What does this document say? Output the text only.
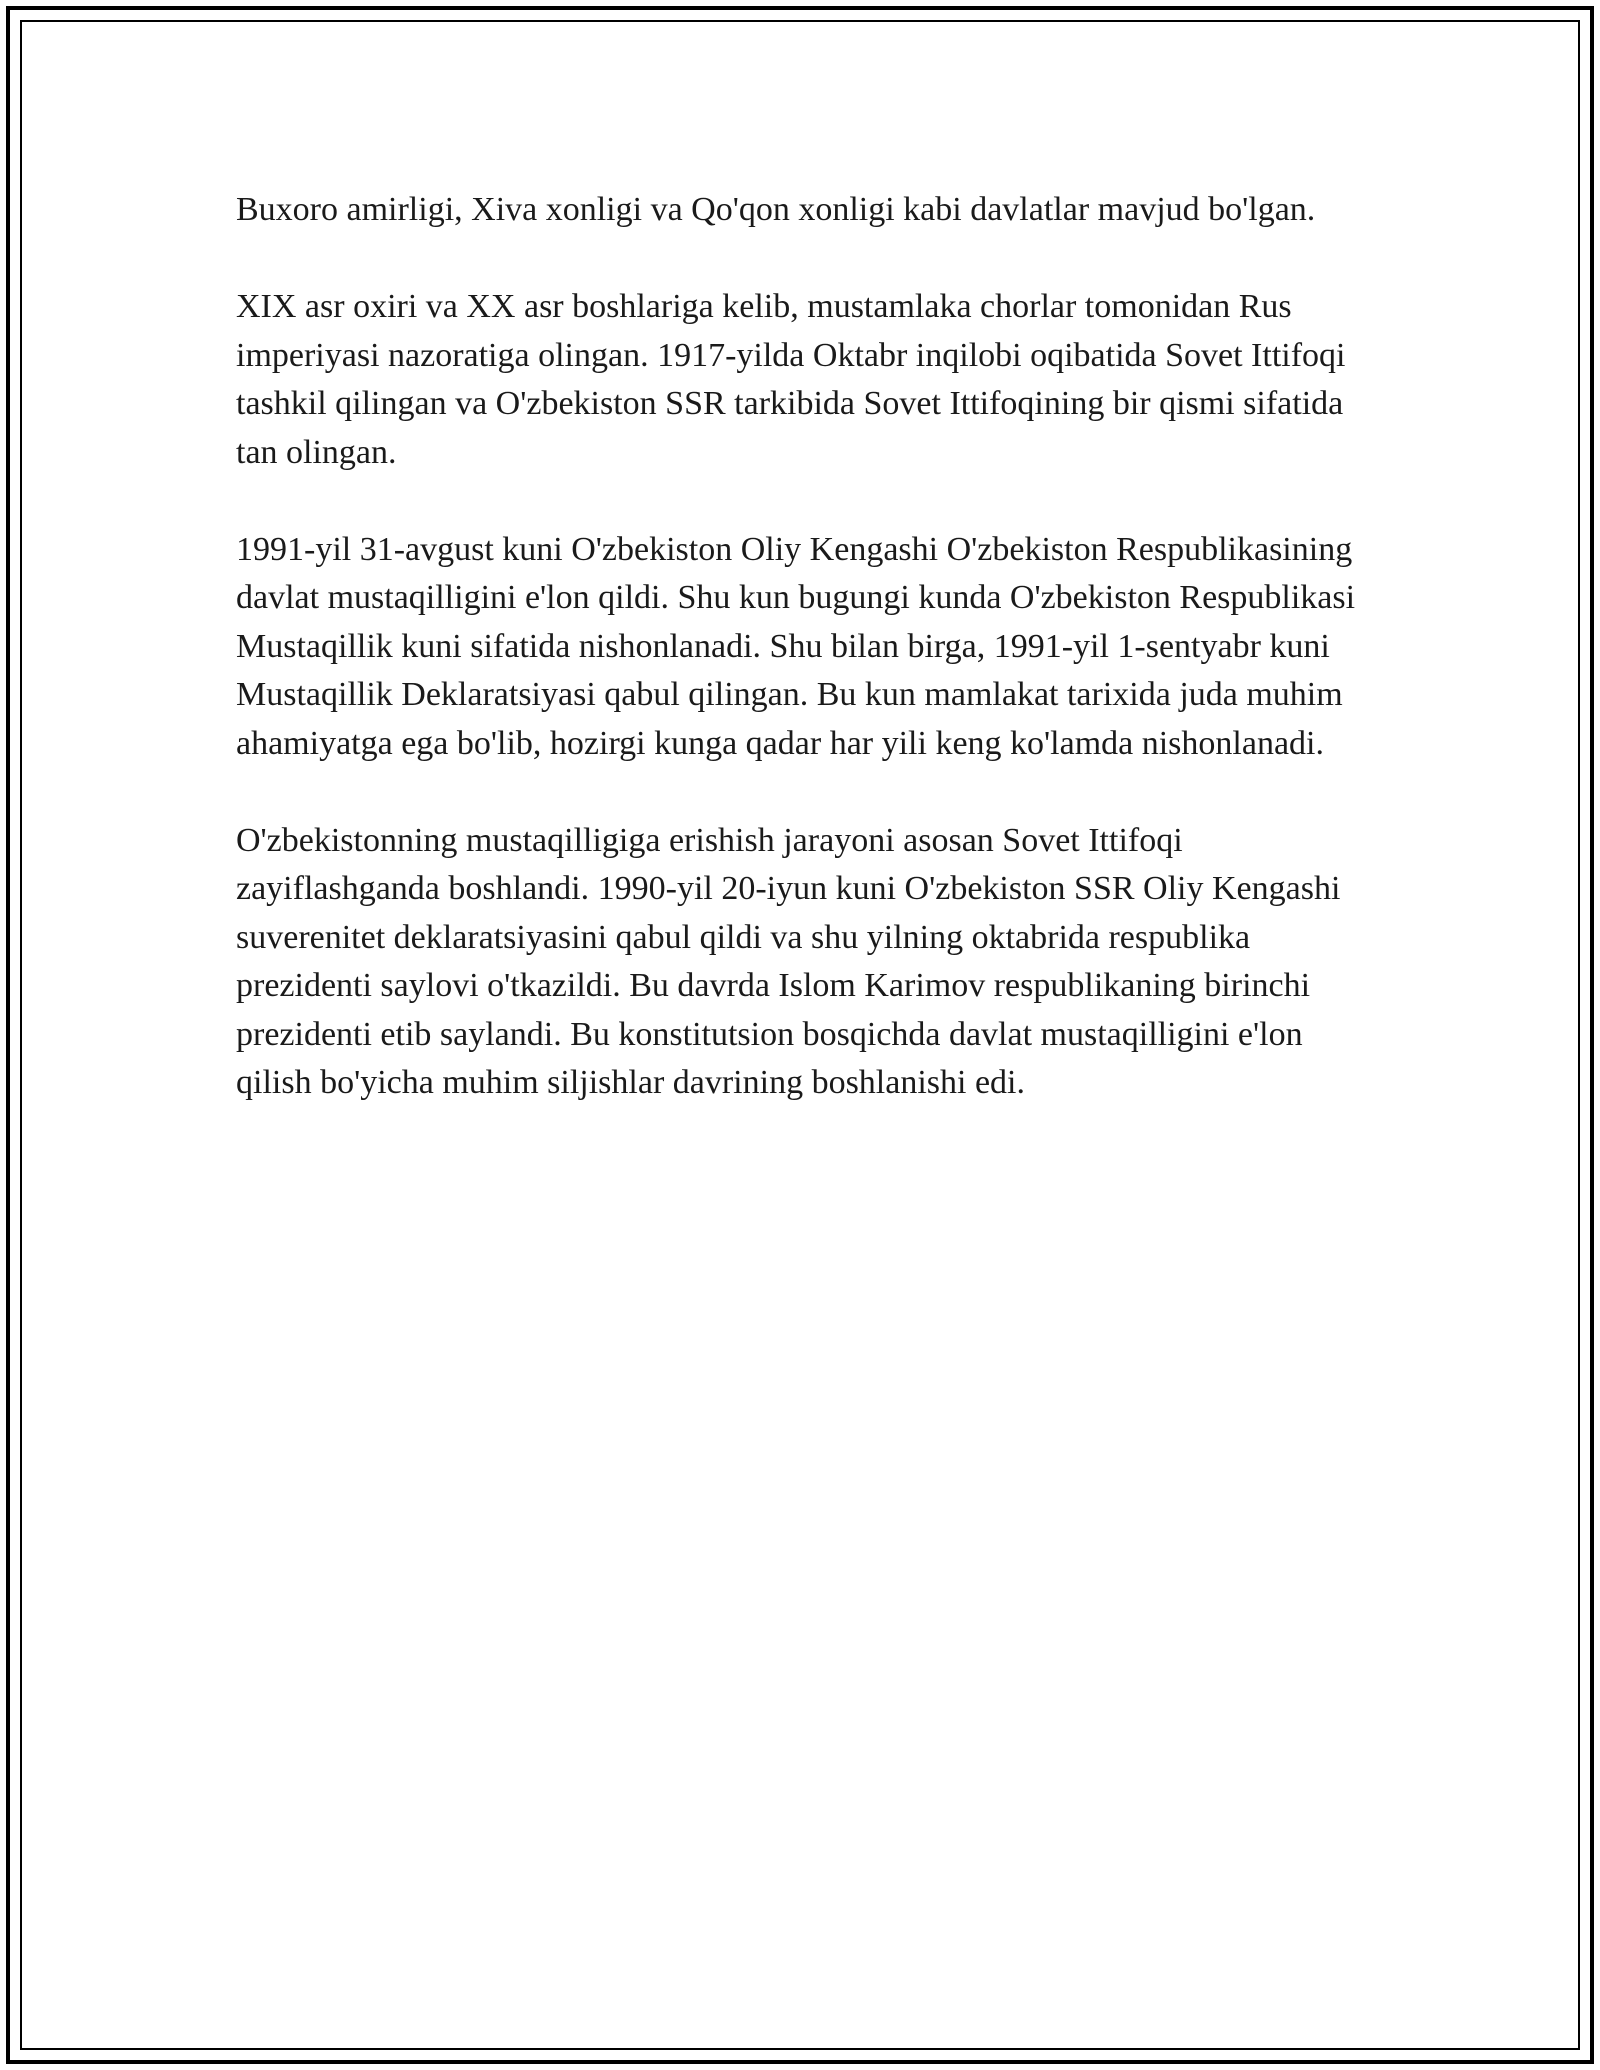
Buxoro amirligi, Xiva xonligi va Qo'qon xonligi kabi davlatlar mavjud bo'lgan.

XIX asr oxiri va XX asr boshlariga kelib, mustamlaka chorlar tomonidan Rus imperiyasi nazoratiga olingan. 1917-yilda Oktabr inqilobi oqibatida Sovet Ittifoqi tashkil qilingan va O'zbekiston SSR tarkibida Sovet Ittifoqining bir qismi sifatida tan olingan.

1991-yil 31-avgust kuni O'zbekiston Oliy Kengashi O'zbekiston Respublikasining davlat mustaqilligini e'lon qildi. Shu kun bugungi kunda O'zbekiston Respublikasi Mustaqillik kuni sifatida nishonlanadi. Shu bilan birga, 1991-yil 1-sentyabr kuni Mustaqillik Deklaratsiyasi qabul qilingan. Bu kun mamlakat tarixida juda muhim ahamiyatga ega bo'lib, hozirgi kunga qadar har yili keng ko'lamda nishonlanadi.

O'zbekistonning mustaqilligiga erishish jarayoni asosan Sovet Ittifoqi zayiflashganda boshlandi. 1990-yil 20-iyun kuni O'zbekiston SSR Oliy Kengashi suverenitet deklaratsiyasini qabul qildi va shu yilning oktabrida respublika prezidenti saylovi o'tkazildi. Bu davrda Islom Karimov respublikaning birinchi prezidenti etib saylandi. Bu konstitutsion bosqichda davlat mustaqilligini e'lon qilish bo'yicha muhim siljishlar davrining boshlanishi edi.
